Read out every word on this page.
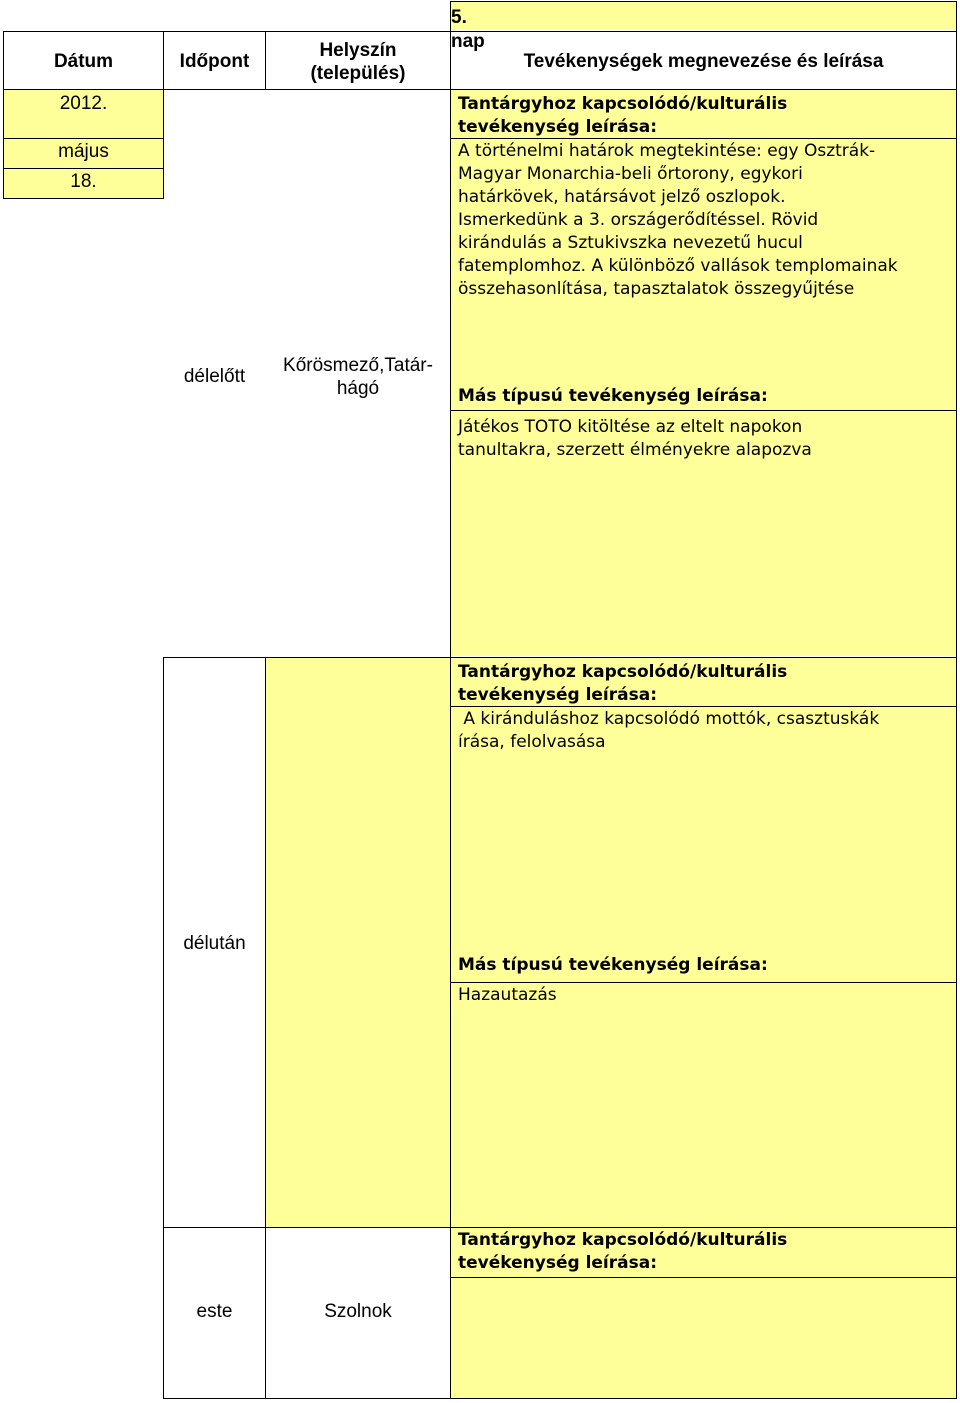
5. nap
Dátum	Időpont
Helyszín
(település)
Tevékenységek megnevezése és leírása
2012.
május
18.
délelőtt
Kőrösmező,Tatár-
hágó
délután
este	Szolnok
Tantárgyhoz kapcsolódó/kulturális
tevékenység leírása:
A történelmi határok megtekintése: egy Osztrák-
Magyar Monarchia-beli őrtorony, egykori
határkövek, határsávot jelző oszlopok.
Ismerkedünk a 3. országerődítéssel. Rövid
kirándulás a Sztukivszka nevezetű hucul
fatemplomhoz. A különböző vallások templomainak
összehasonlítása, tapasztalatok összegyűjtése
Más típusú tevékenység leírása:
Játékos TOTO kitöltése az eltelt napokon
tanultakra, szerzett élményekre alapozva
Tantárgyhoz kapcsolódó/kulturális
tevékenység leírása:
A kiránduláshoz kapcsolódó mottók, csasztuskák
írása, felolvasása
Más típusú tevékenység leírása:
Hazautazás
Tantárgyhoz kapcsolódó/kulturális
tevékenység leírása:
